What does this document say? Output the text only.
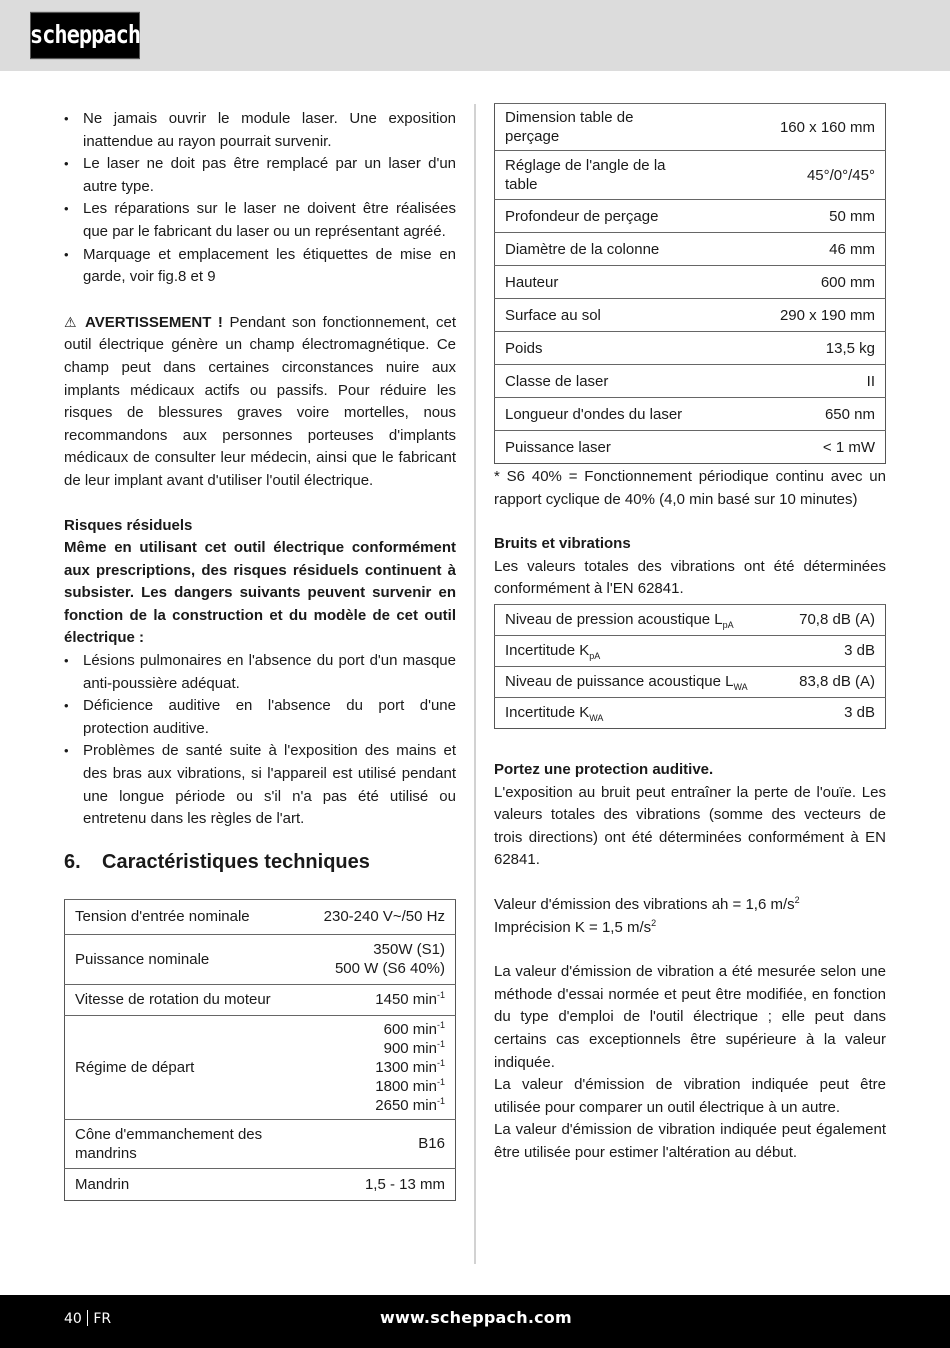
scheppach
• Ne jamais ouvrir le module laser. Une exposition inattendue au rayon pourrait survenir.
• Le laser ne doit pas être remplacé par un laser d'un autre type.
• Les réparations sur le laser ne doivent être réalisées que par le fabricant du laser ou un représentant agréé.
• Marquage et emplacement les étiquettes de mise en garde, voir fig.8 et 9

⚠ AVERTISSEMENT ! Pendant son fonctionnement, cet outil électrique génère un champ électromagnétique. Ce champ peut dans certaines circonstances nuire aux implants médicaux actifs ou passifs. Pour réduire les risques de blessures graves voire mortelles, nous recommandons aux personnes porteuses d'implants médicaux de consulter leur médecin, ainsi que le fabricant de leur implant avant d'utiliser l'outil électrique.

Risques résiduels

Même en utilisant cet outil électrique conformément aux prescriptions, des risques résiduels continuent à subsister. Les dangers suivants peuvent survenir en fonction de la construction et du modèle de cet outil électrique :

• Lésions pulmonaires en l'absence du port d'un masque anti-poussière adéquat.
• Déficience auditive en l'absence du port d'une protection auditive.
• Problèmes de santé suite à l'exposition des mains et des bras aux vibrations, si l'appareil est utilisé pendant une longue période ou s'il n'a pas été utilisé ou entretenu dans les règles de l'art.
6. Caractéristiques techniques
Tension d'entrée nominale	230-240 V~/50 Hz
Puissance nominale	350W (S1)
500 W (S6 40%)

Vitesse de rotation du moteur	1450 $\min^{-1}$
Régime de départ	600 $\min^{-1}$
900 $\min^{-1}$
1300 $\min^{-1}$
1800 $\min^{-1}$
2650 $\min^{-1}$

Cône d'emmanchement des mandrins	B16
Mandrin	1,5 - 13 mm
Dimension table de perçage	160 x 160 mm
Réglage de l'angle de la table	45°/0°/45°
Profondeur de perçage	50 mm
Diamètre de la colonne	46 mm
Hauteur	600 mm
Surface au sol	290 x 190 mm
Poids	13,5 kg
Classe de laser	II
Longueur d'ondes du laser	650 nm
Puissance laser	< 1 mW

* S6 40% = Fonctionnement périodique continu avec un rapport cyclique de 40% (4,0 min basé sur 10 minutes)

Bruits et vibrations

Les valeurs totales des vibrations ont été déterminées conformément à l'EN 62841.

Niveau de pression acoustique $L_{pA}$	70,8 dB (A)
Incertitude $K_{pA}$	3 dB
Niveau de puissance acoustique $L_{WA}$	83,8 dB (A)
Incertitude $K_{WA}$	3 dB
Portez une protection auditive.

L'exposition au bruit peut entraîner la perte de l'ouïe. Les valeurs totales des vibrations (somme des vecteurs de trois directions) ont été déterminées conformément à EN 62841.

Valeur d'émission des vibrations ah = 1,6 $m/s^2$

Imprécision K = 1,5 $m/s^2$

La valeur d'émission de vibration a été mesurée selon une méthode d'essai normée et peut être modifiée, en fonction du type d'emploi de l'outil électrique ; elle peut dans certains cas exceptionnels être supérieure à la valeur indiquée.

La valeur d'émission de vibration indiquée peut être utilisée pour comparer un outil électrique à un autre.

La valeur d'émission de vibration indiquée peut également être utilisée pour estimer l'altération au début.

40 FR	www.scheppach.com
